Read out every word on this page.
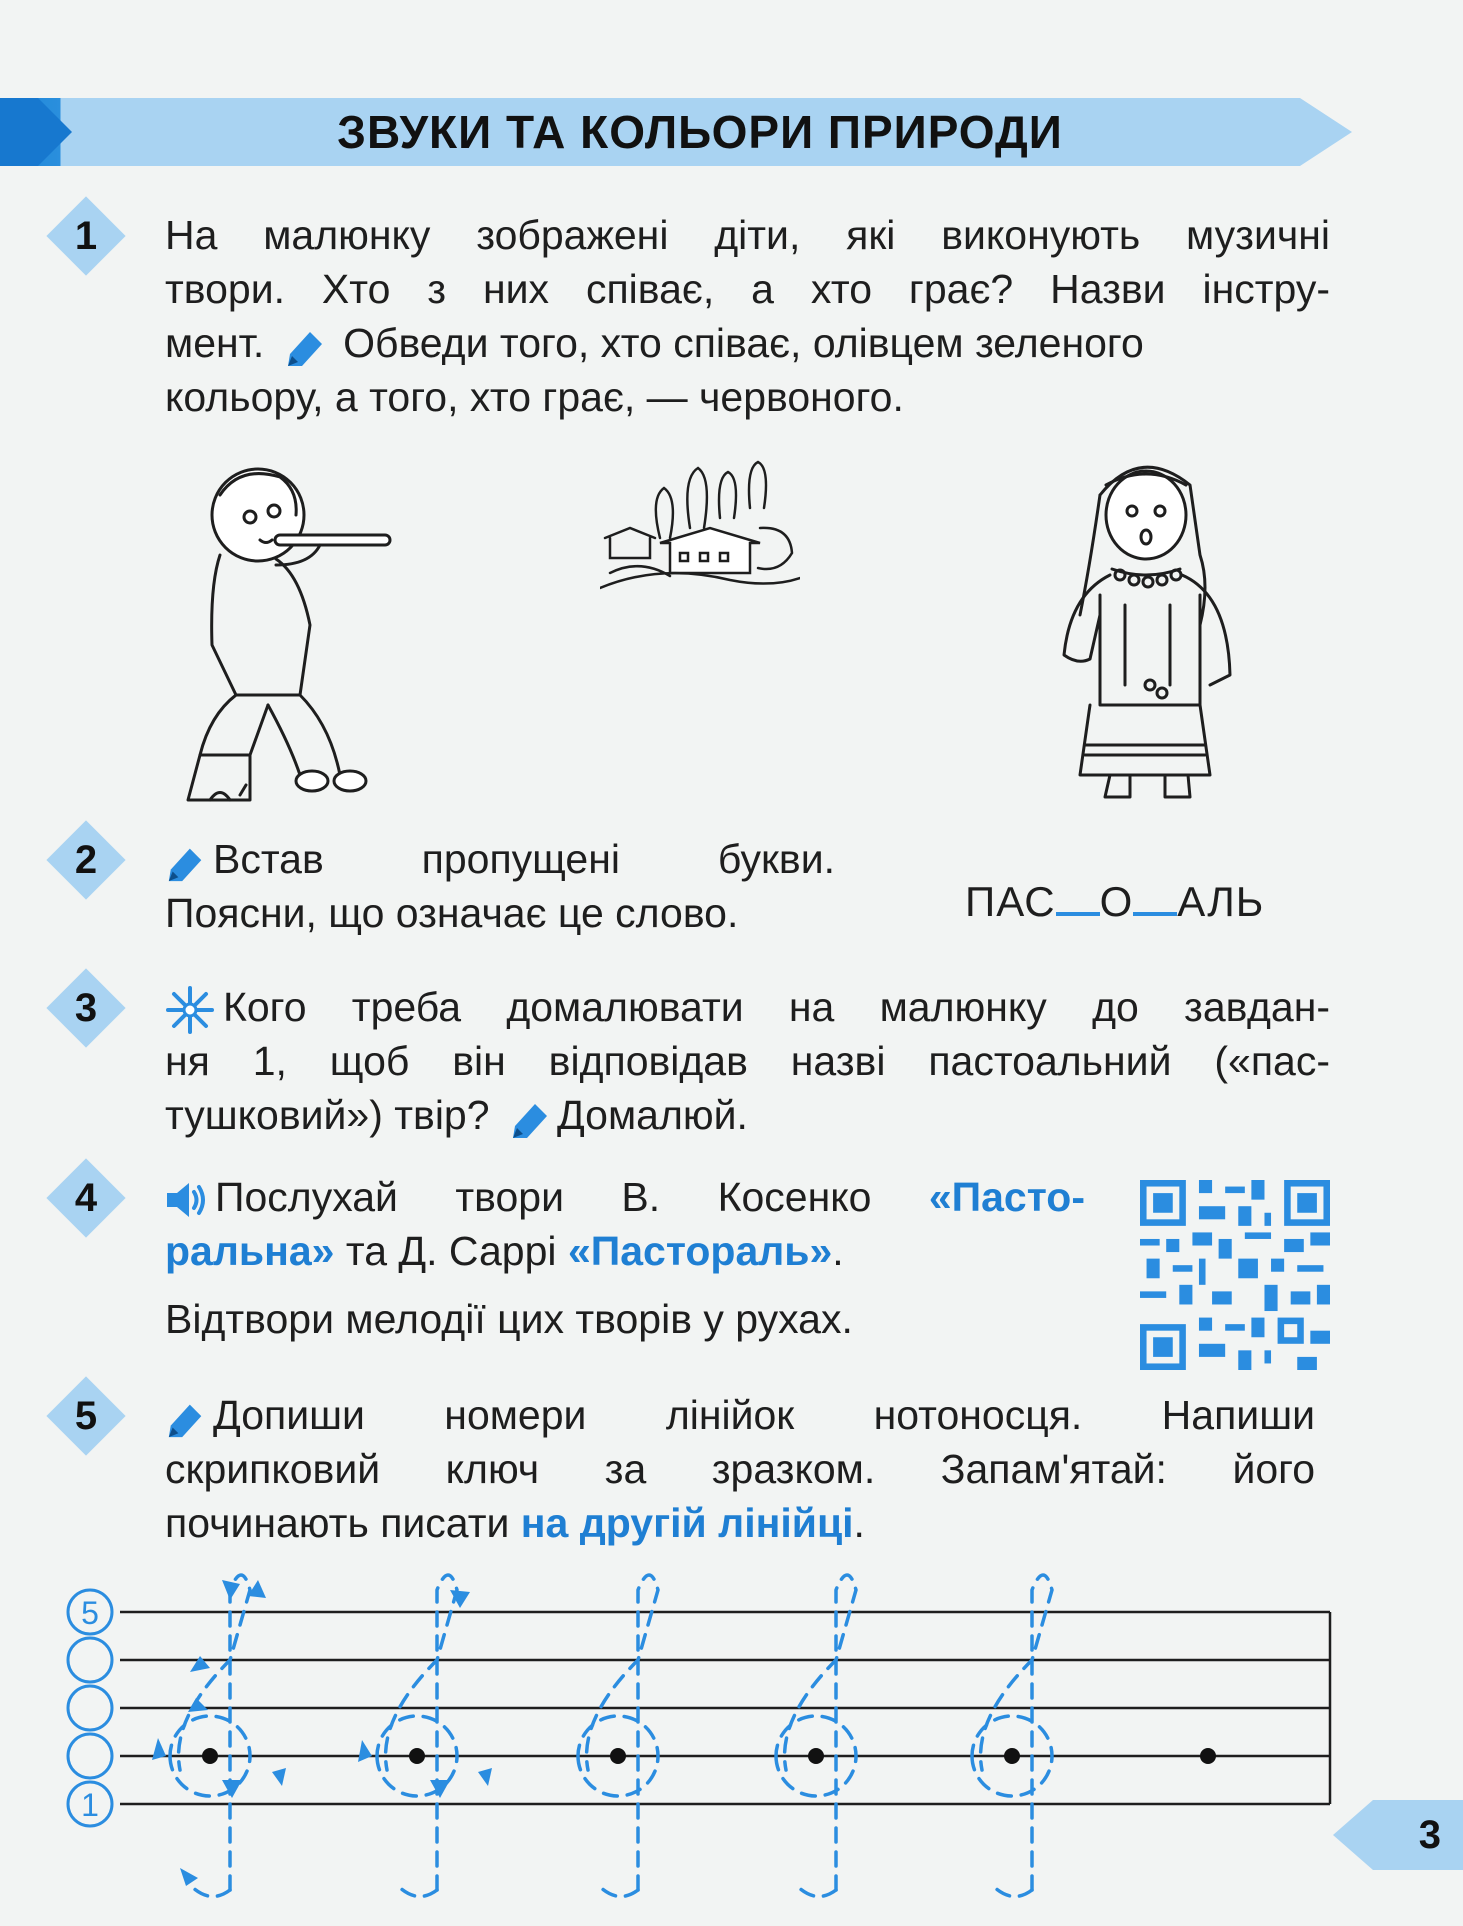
ЗВУКИ ТА КОЛЬОРИ ПРИРОДИ
1	На малюнку зображені діти, які виконують музичні
твори. Хто з них співає, а хто грає? Назви інстру-
мент. Обведи того, хто співає, олівцем зеленого
кольору, а того, хто грає, — червоного.
2	Встав пропущені букви.
Поясни, що означає це слово.	ПАС О АЛЬ
3	Кого треба домалювати на малюнку до завдан-
ня 1, щоб він відповідав назві пастоальний («пас-
тушковий») твір? Домалюй.
4	Послухай твори В. Косенко «Пасто-
ральна» та Д. Саррі «Пастораль».
Відтвори мелодії цих творів у рухах.
5	Допиши номери лінійок нотоносця. Напиши
скрипковий ключ за зразком. Запам'ятай: його
починають писати на другій лінійці.
5
1
3
